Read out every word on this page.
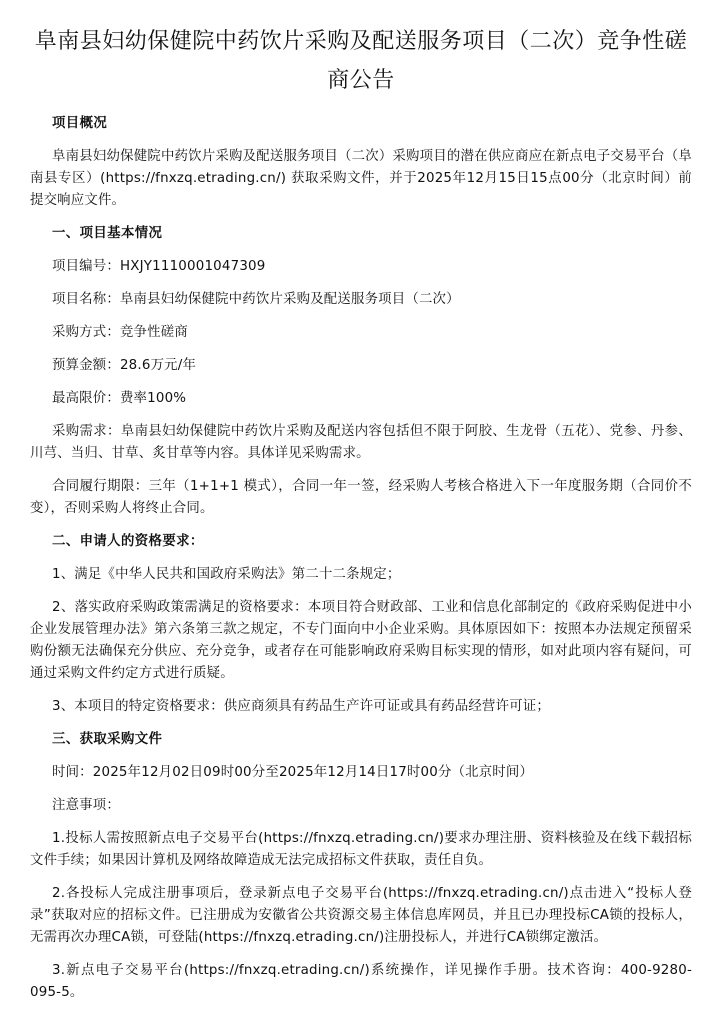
阜南县妇幼保健院中药饮片采购及配送服务项目（二次）竞争性磋商公告
项目概况

阜南县妇幼保健院中药饮片采购及配送服务项目（二次）采购项目的潜在供应商应在新点电子交易平台（阜南县专区）(https://fnxzq.etrading.cn/) 获取采购文件，并于2025年12月15日15点00分（北京时间）前提交响应文件。

一、项目基本情况

项目编号：HXJY1110001047309

项目名称：阜南县妇幼保健院中药饮片采购及配送服务项目（二次）

采购方式：竞争性磋商

预算金额：28.6万元/年

最高限价：费率100%

采购需求：阜南县妇幼保健院中药饮片采购及配送内容包括但不限于阿胶、生龙骨（五花）、党参、丹参、川芎、当归、甘草、炙甘草等内容。具体详见采购需求。

合同履行期限：三年（1+1+1 模式），合同一年一签，经采购人考核合格进入下一年度服务期（合同价不变），否则采购人将终止合同。

二、申请人的资格要求：

1、满足《中华人民共和国政府采购法》第二十二条规定；

2、落实政府采购政策需满足的资格要求：本项目符合财政部、工业和信息化部制定的《政府采购促进中小企业发展管理办法》第六条第三款之规定，不专门面向中小企业采购。具体原因如下：按照本办法规定预留采购份额无法确保充分供应、充分竞争，或者存在可能影响政府采购目标实现的情形，如对此项内容有疑问，可通过采购文件约定方式进行质疑。

3、本项目的特定资格要求：供应商须具有药品生产许可证或具有药品经营许可证；

三、获取采购文件

时间：2025年12月02日09时00分至2025年12月14日17时00分（北京时间）

注意事项：

1.投标人需按照新点电子交易平台(https://fnxzq.etrading.cn/)要求办理注册、资料核验及在线下载招标文件手续；如果因计算机及网络故障造成无法完成招标文件获取，责任自负。

2.各投标人完成注册事项后，登录新点电子交易平台(https://fnxzq.etrading.cn/)点击进入“投标人登录”获取对应的招标文件。已注册成为安徽省公共资源交易主体信息库网员，并且已办理投标CA锁的投标人，无需再次办理CA锁，可登陆(https://fnxzq.etrading.cn/)注册投标人，并进行CA锁绑定激活。

3.新点电子交易平台(https://fnxzq.etrading.cn/)系统操作，详见操作手册。技术咨询：400-9280-095-5。
